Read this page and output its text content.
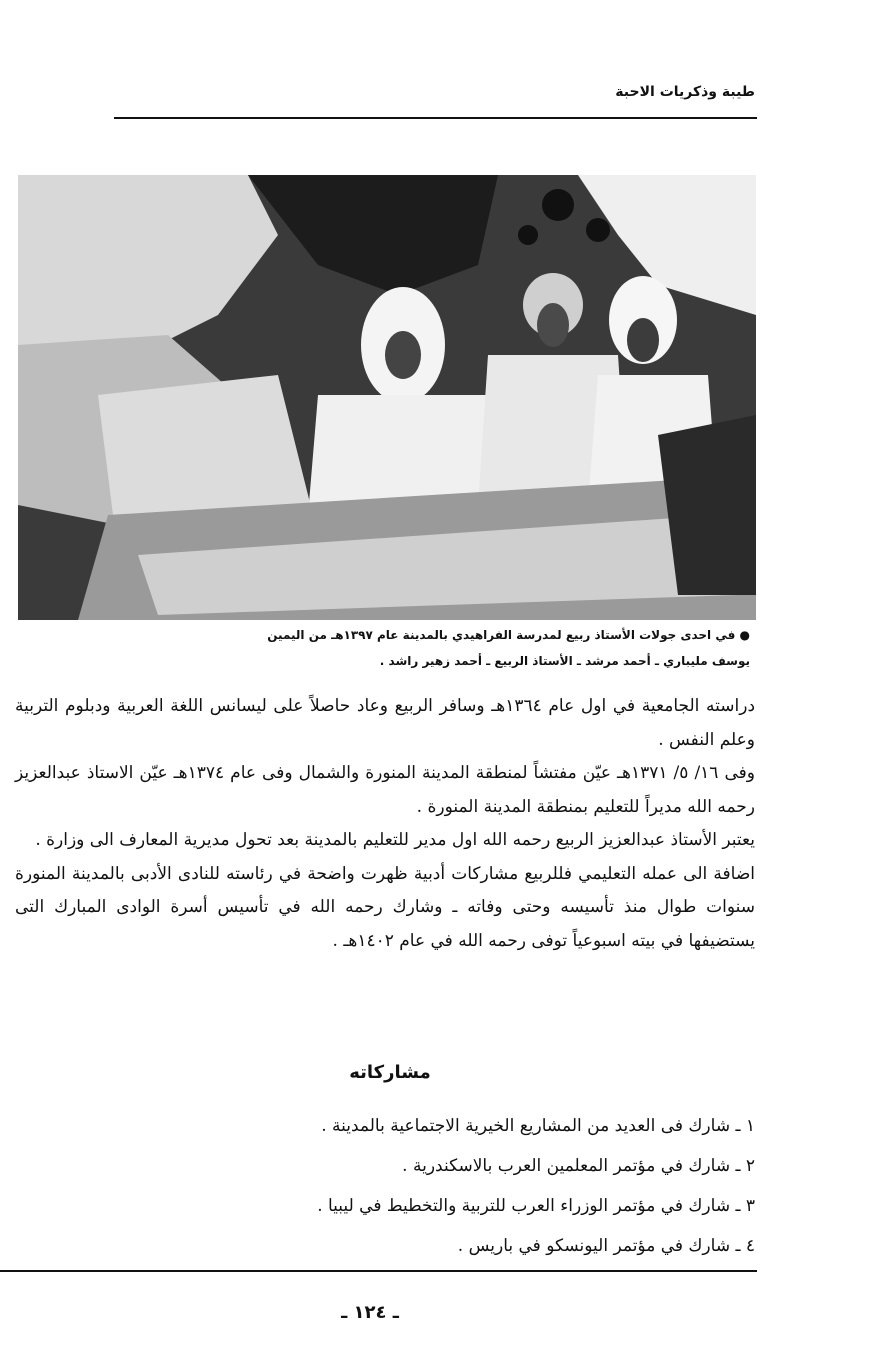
طيبة وذكريات الاحبة
● في احدى جولات الأستاذ ربيع لمدرسة الفراهيدي بالمدينة عام ١٣٩٧هـ من اليمين
يوسف مليباري ـ أحمد مرشد ـ الأستاذ الربيع ـ أحمد زهير راشد .

دراسته الجامعية في اول عام ١٣٦٤هـ وسافر الربيع وعاد حاصلاً على ليسانس اللغة العربية ودبلوم التربية وعلم النفس .

وفى ١٦/ ٥/ ١٣٧١هـ عيّن مفتشاً لمنطقة المدينة المنورة والشمال وفى عام ١٣٧٤هـ عيّن الاستاذ عبدالعزيز رحمه الله مديراً للتعليم بمنطقة المدينة المنورة .

يعتبر الأستاذ عبدالعزيز الربيع رحمه الله اول مدير للتعليم بالمدينة بعد تحول مديرية المعارف الى وزارة .

اضافة الى عمله التعليمي فللربيع مشاركات أدبية ظهرت واضحة في رئاسته للنادى الأدبى بالمدينة المنورة سنوات طوال منذ تأسيسه وحتى وفاته ـ وشارك رحمه الله في تأسيس أسرة الوادى المبارك التى يستضيفها في بيته اسبوعياً توفى رحمه الله في عام ١٤٠٢هـ .

مشاركاته
١ ـ شارك فى العديد من المشاريع الخيرية الاجتماعية بالمدينة .
٢ ـ شارك في مؤتمر المعلمين العرب بالاسكندرية .
٣ ـ شارك في مؤتمر الوزراء العرب للتربية والتخطيط في ليبيا .
٤ ـ شارك في مؤتمر اليونسكو في باريس .
ـ ١٢٤ ـ
